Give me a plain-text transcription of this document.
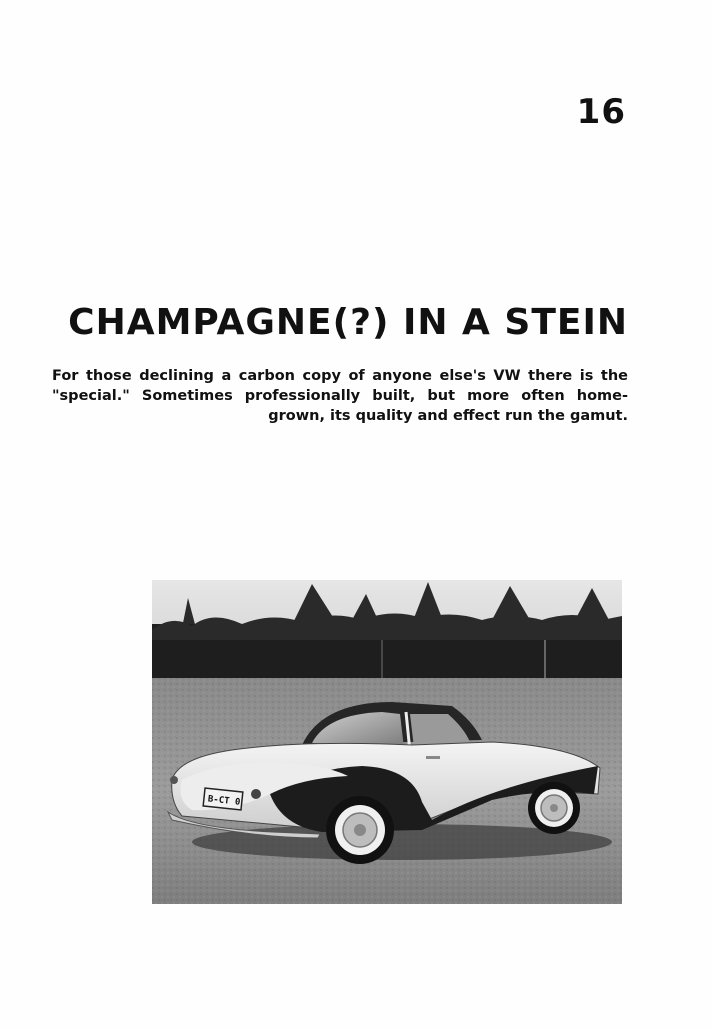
16
CHAMPAGNE(?) IN A STEIN
For those declining a carbon copy of anyone else's VW there is the "special." Sometimes professionally built, but more often home-grown, its quality and effect run the gamut.
B-CT 0
